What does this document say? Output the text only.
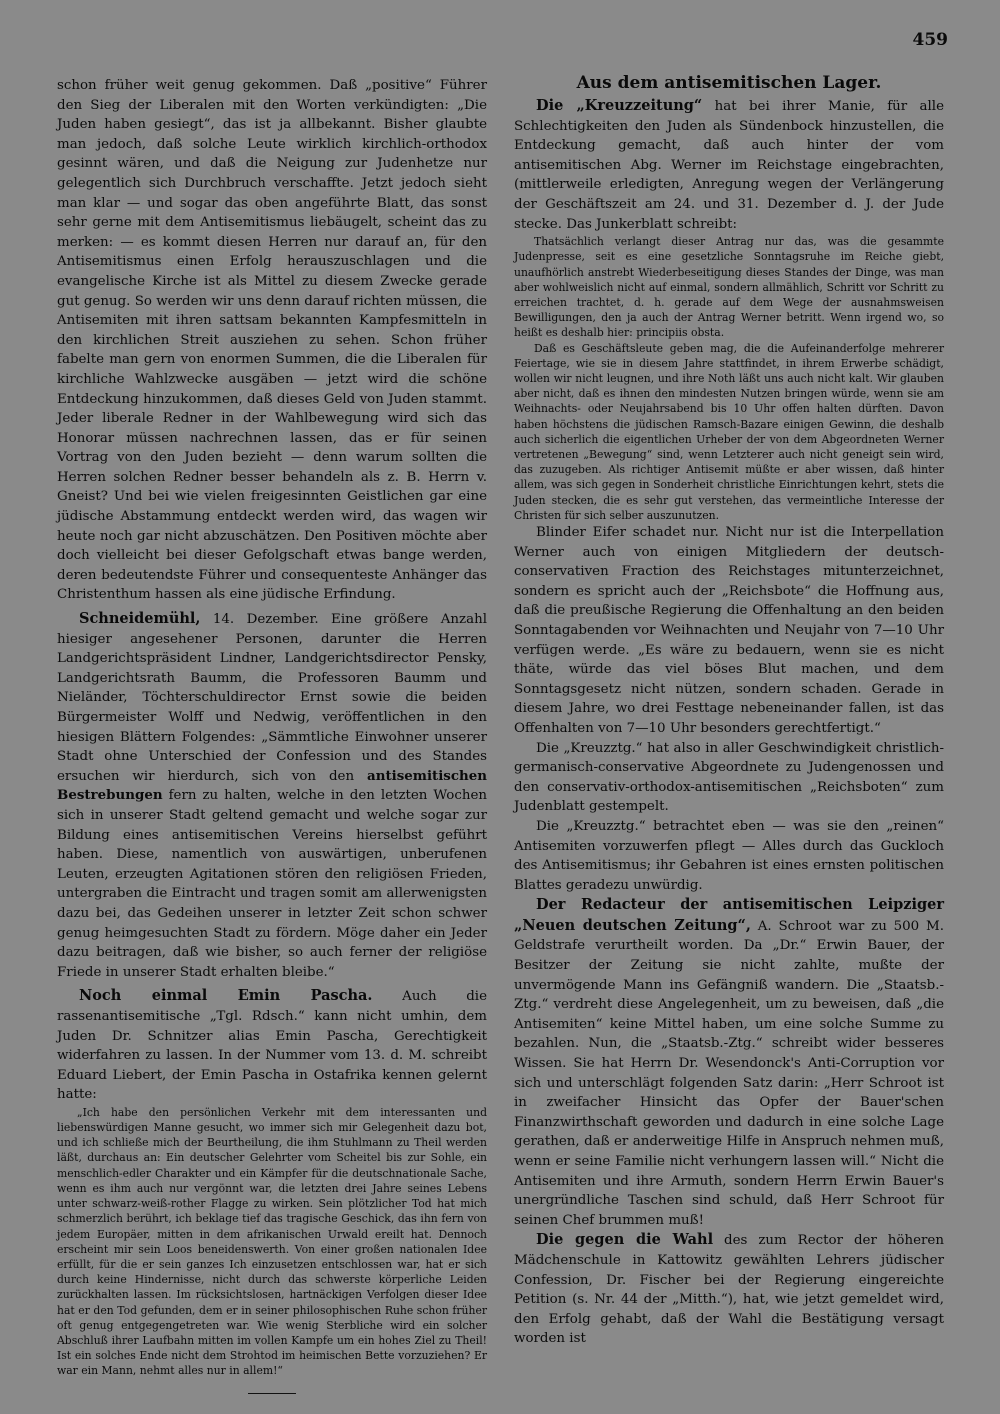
459

schon früher weit genug gekommen. Daß „positive“ Führer den Sieg der Liberalen mit den Worten verkündigten: „Die Juden haben gesiegt“, das ist ja allbekannt. Bisher glaubte man jedoch, daß solche Leute wirklich kirchlich-orthodox gesinnt wären, und daß die Neigung zur Judenhetze nur gelegentlich sich Durchbruch verschaffte. Jetzt jedoch sieht man klar — und sogar das oben angeführte Blatt, das sonst sehr gerne mit dem Antisemitismus liebäugelt, scheint das zu merken: — es kommt diesen Herren nur darauf an, für den Antisemitismus einen Erfolg herauszuschlagen und die evangelische Kirche ist als Mittel zu diesem Zwecke gerade gut genug. So werden wir uns denn darauf richten müssen, die Antisemiten mit ihren sattsam bekannten Kampfesmitteln in den kirchlichen Streit ausziehen zu sehen. Schon früher fabelte man gern von enormen Summen, die die Liberalen für kirchliche Wahlzwecke ausgäben — jetzt wird die schöne Entdeckung hinzukommen, daß dieses Geld von Juden stammt. Jeder liberale Redner in der Wahlbewegung wird sich das Honorar müssen nachrechnen lassen, das er für seinen Vortrag von den Juden bezieht — denn warum sollten die Herren solchen Redner besser behandeln als z. B. Herrn v. Gneist? Und bei wie vielen freigesinnten Geistlichen gar eine jüdische Abstammung entdeckt werden wird, das wagen wir heute noch gar nicht abzuschätzen. Den Positiven möchte aber doch vielleicht bei dieser Gefolgschaft etwas bange werden, deren bedeutendste Führer und consequenteste Anhänger das Christenthum hassen als eine jüdische Erfindung.

Schneidemühl, 14. Dezember. Eine größere Anzahl hiesiger angesehener Personen, darunter die Herren Landgerichtspräsident Lindner, Landgerichtsdirector Pensky, Landgerichtsrath Baumm, die Professoren Baumm und Nieländer, Töchterschuldirector Ernst sowie die beiden Bürgermeister Wolff und Nedwig, veröffentlichen in den hiesigen Blättern Folgendes: „Sämmtliche Einwohner unserer Stadt ohne Unterschied der Confession und des Standes ersuchen wir hierdurch, sich von den antisemitischen Bestrebungen fern zu halten, welche in den letzten Wochen sich in unserer Stadt geltend gemacht und welche sogar zur Bildung eines antisemitischen Vereins hierselbst geführt haben. Diese, namentlich von auswärtigen, unberufenen Leuten, erzeugten Agitationen stören den religiösen Frieden, untergraben die Eintracht und tragen somit am allerwenigsten dazu bei, das Gedeihen unserer in letzter Zeit schon schwer genug heimgesuchten Stadt zu fördern. Möge daher ein Jeder dazu beitragen, daß wie bisher, so auch ferner der religiöse Friede in unserer Stadt erhalten bleibe.“

Noch einmal Emin Pascha. Auch die rassenantisemitische „Tgl. Rdsch.“ kann nicht umhin, dem Juden Dr. Schnitzer alias Emin Pascha, Gerechtigkeit widerfahren zu lassen. In der Nummer vom 13. d. M. schreibt Eduard Liebert, der Emin Pascha in Ostafrika kennen gelernt hatte:

„Ich habe den persönlichen Verkehr mit dem interessanten und liebenswürdigen Manne gesucht, wo immer sich mir Gelegenheit dazu bot, und ich schließe mich der Beurtheilung, die ihm Stuhlmann zu Theil werden läßt, durchaus an: Ein deutscher Gelehrter vom Scheitel bis zur Sohle, ein menschlich-edler Charakter und ein Kämpfer für die deutschnationale Sache, wenn es ihm auch nur vergönnt war, die letzten drei Jahre seines Lebens unter schwarz-weiß-rother Flagge zu wirken. Sein plötzlicher Tod hat mich schmerzlich berührt, ich beklage tief das tragische Geschick, das ihn fern von jedem Europäer, mitten in dem afrikanischen Urwald ereilt hat. Dennoch erscheint mir sein Loos beneidenswerth. Von einer großen nationalen Idee erfüllt, für die er sein ganzes Ich einzusetzen entschlossen war, hat er sich durch keine Hindernisse, nicht durch das schwerste körperliche Leiden zurückhalten lassen. Im rücksichtslosen, hartnäckigen Verfolgen dieser Idee hat er den Tod gefunden, dem er in seiner philosophischen Ruhe schon früher oft genug entgegengetreten war. Wie wenig Sterbliche wird ein solcher Abschluß ihrer Laufbahn mitten im vollen Kampfe um ein hohes Ziel zu Theil! Ist ein solches Ende nicht dem Strohtod im heimischen Bette vorzuziehen? Er war ein Mann, nehmt alles nur in allem!“

Aus dem antisemitischen Lager.

Die „Kreuzzeitung“ hat bei ihrer Manie, für alle Schlechtigkeiten den Juden als Sündenbock hinzustellen, die Entdeckung gemacht, daß auch hinter der vom antisemitischen Abg. Werner im Reichstage eingebrachten, (mittlerweile erledigten, Anregung wegen der Verlängerung der Geschäftszeit am 24. und 31. Dezember d. J. der Jude stecke. Das Junkerblatt schreibt:

Thatsächlich verlangt dieser Antrag nur das, was die gesammte Judenpresse, seit es eine gesetzliche Sonntagsruhe im Reiche giebt, unaufhörlich anstrebt Wiederbeseitigung dieses Standes der Dinge, was man aber wohlweislich nicht auf einmal, sondern allmählich, Schritt vor Schritt zu erreichen trachtet, d. h. gerade auf dem Wege der ausnahmsweisen Bewilligungen, den ja auch der Antrag Werner betritt. Wenn irgend wo, so heißt es deshalb hier: principiis obsta.

Daß es Geschäftsleute geben mag, die die Aufeinanderfolge mehrerer Feiertage, wie sie in diesem Jahre stattfindet, in ihrem Erwerbe schädigt, wollen wir nicht leugnen, und ihre Noth läßt uns auch nicht kalt. Wir glauben aber nicht, daß es ihnen den mindesten Nutzen bringen würde, wenn sie am Weihnachts- oder Neujahrsabend bis 10 Uhr offen halten dürften. Davon haben höchstens die jüdischen Ramsch-Bazare einigen Gewinn, die deshalb auch sicherlich die eigentlichen Urheber der von dem Abgeordneten Werner vertretenen „Bewegung“ sind, wenn Letzterer auch nicht geneigt sein wird, das zuzugeben. Als richtiger Antisemit müßte er aber wissen, daß hinter allem, was sich gegen in Sonderheit christliche Einrichtungen kehrt, stets die Juden stecken, die es sehr gut verstehen, das vermeintliche Interesse der Christen für sich selber auszunutzen.

Blinder Eifer schadet nur. Nicht nur ist die Interpellation Werner auch von einigen Mitgliedern der deutsch-conservativen Fraction des Reichstages mitunterzeichnet, sondern es spricht auch der „Reichsbote“ die Hoffnung aus, daß die preußische Regierung die Offenhaltung an den beiden Sonntagabenden vor Weihnachten und Neujahr von 7—10 Uhr verfügen werde. „Es wäre zu bedauern, wenn sie es nicht thäte, würde das viel böses Blut machen, und dem Sonntagsgesetz nicht nützen, sondern schaden. Gerade in diesem Jahre, wo drei Festtage nebeneinander fallen, ist das Offenhalten von 7—10 Uhr besonders gerechtfertigt.“

Die „Kreuzztg.“ hat also in aller Geschwindigkeit christlich-germanisch-conservative Abgeordnete zu Judengenossen und den conservativ-orthodox-antisemitischen „Reichsboten“ zum Judenblatt gestempelt.

Die „Kreuzztg.“ betrachtet eben — was sie den „reinen“ Antisemiten vorzuwerfen pflegt — Alles durch das Guckloch des Antisemitismus; ihr Gebahren ist eines ernsten politischen Blattes geradezu unwürdig.

Der Redacteur der antisemitischen Leipziger „Neuen deutschen Zeitung“, A. Schroot war zu 500 M. Geldstrafe verurtheilt worden. Da „Dr.“ Erwin Bauer, der Besitzer der Zeitung sie nicht zahlte, mußte der unvermögende Mann ins Gefängniß wandern. Die „Staatsb.-Ztg.“ verdreht diese Angelegenheit, um zu beweisen, daß „die Antisemiten“ keine Mittel haben, um eine solche Summe zu bezahlen. Nun, die „Staatsb.-Ztg.“ schreibt wider besseres Wissen. Sie hat Herrn Dr. Wesendonck's Anti-Corruption vor sich und unterschlägt folgenden Satz darin: „Herr Schroot ist in zweifacher Hinsicht das Opfer der Bauer'schen Finanzwirthschaft geworden und dadurch in eine solche Lage gerathen, daß er anderweitige Hilfe in Anspruch nehmen muß, wenn er seine Familie nicht verhungern lassen will.“ Nicht die Antisemiten und ihre Armuth, sondern Herrn Erwin Bauer's unergründliche Taschen sind schuld, daß Herr Schroot für seinen Chef brummen muß!

Die gegen die Wahl des zum Rector der höheren Mädchenschule in Kattowitz gewählten Lehrers jüdischer Confession, Dr. Fischer bei der Regierung eingereichte Petition (s. Nr. 44 der „Mitth.“), hat, wie jetzt gemeldet wird, den Erfolg gehabt, daß der Wahl die Bestätigung versagt worden ist
